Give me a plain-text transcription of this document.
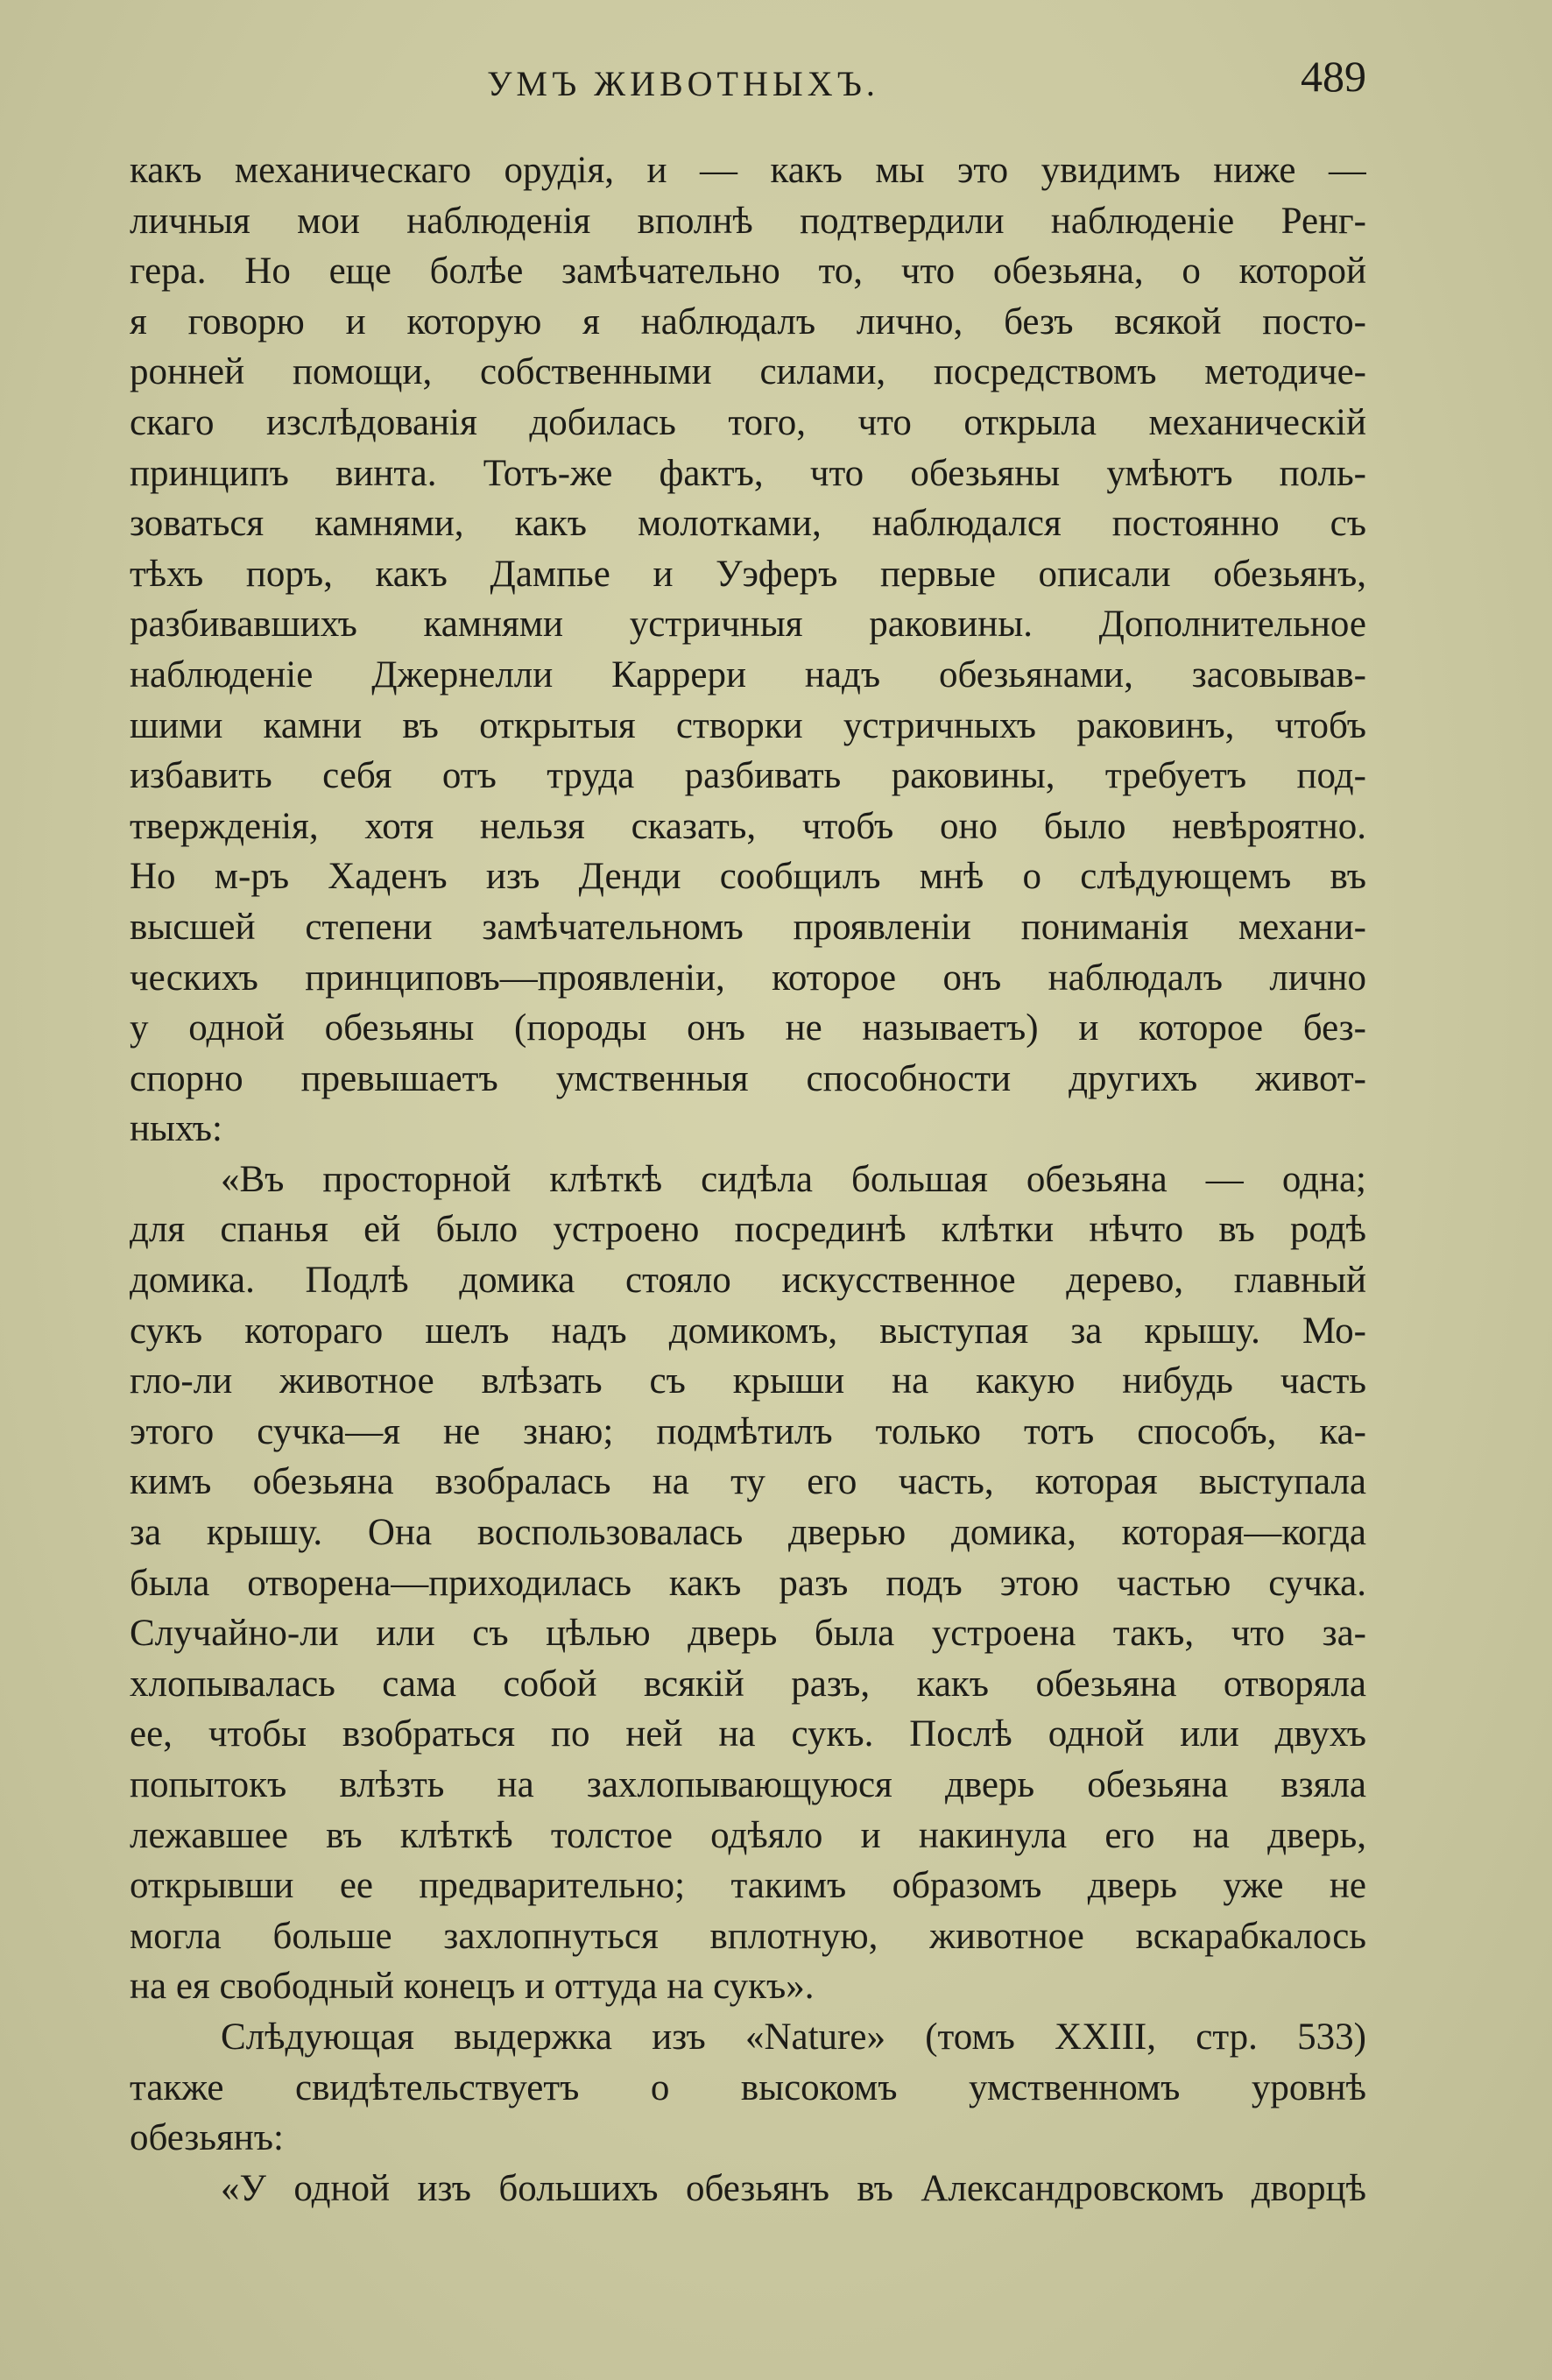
УМЪ ЖИВОТНЫХЪ.	489
какъ механическаго орудія, и — какъ мы это увидимъ ниже —
личныя мои наблюденія вполнѣ подтвердили наблюденіе Ренг-
гера. Но еще болѣе замѣчательно то, что обезьяна, о которой
я говорю и которую я наблюдалъ лично, безъ всякой посто-
ронней помощи, собственными силами, посредствомъ методиче-
скаго изслѣдованія добилась того, что открыла механическій
принципъ винта. Тотъ-же фактъ, что обезьяны умѣютъ поль-
зоваться камнями, какъ молотками, наблюдался постоянно съ
тѣхъ поръ, какъ Дампье и Уэферъ первые описали обезьянъ,
разбивавшихъ камнями устричныя раковины. Дополнительное
наблюденіе Джернелли Каррери надъ обезьянами, засовывав-
шими камни въ открытыя створки устричныхъ раковинъ, чтобъ
избавить себя отъ труда разбивать раковины, требуетъ под-
твержденія, хотя нельзя сказать, чтобъ оно было невѣроятно.
Но м-ръ Хаденъ изъ Денди сообщилъ мнѣ о слѣдующемъ въ
высшей степени замѣчательномъ проявленіи пониманія механи-
ческихъ принциповъ—проявленіи, которое онъ наблюдалъ лично
у одной обезьяны (породы онъ не называетъ) и которое без-
спорно превышаетъ умственныя способности другихъ живот-
ныхъ:
«Въ просторной клѣткѣ сидѣла большая обезьяна — одна;
для спанья ей было устроено посрединѣ клѣтки нѣчто въ родѣ
домика. Подлѣ домика стояло искусственное дерево, главный
сукъ котораго шелъ надъ домикомъ, выступая за крышу. Мо-
гло-ли животное влѣзать съ крыши на какую нибудь часть
этого сучка—я не знаю; подмѣтилъ только тотъ способъ, ка-
кимъ обезьяна взобралась на ту его часть, которая выступала
за крышу. Она воспользовалась дверью домика, которая—когда
была отворена—приходилась какъ разъ подъ этою частью сучка.
Случайно-ли или съ цѣлью дверь была устроена такъ, что за-
хлопывалась сама собой всякій разъ, какъ обезьяна отворяла
ее, чтобы взобраться по ней на сукъ. Послѣ одной или двухъ
попытокъ влѣзть на захлопывающуюся дверь обезьяна взяла
лежавшее въ клѣткѣ толстое одѣяло и накинула его на дверь,
открывши ее предварительно; такимъ образомъ дверь уже не
могла больше захлопнуться вплотную, животное вскарабкалось
на ея свободный конецъ и оттуда на сукъ».
Слѣдующая выдержка изъ «Nature» (томъ XXIII, стр. 533)
также свидѣтельствуетъ о высокомъ умственномъ уровнѣ
обезьянъ:
«У одной изъ большихъ обезьянъ въ Александровскомъ дворцѣ
